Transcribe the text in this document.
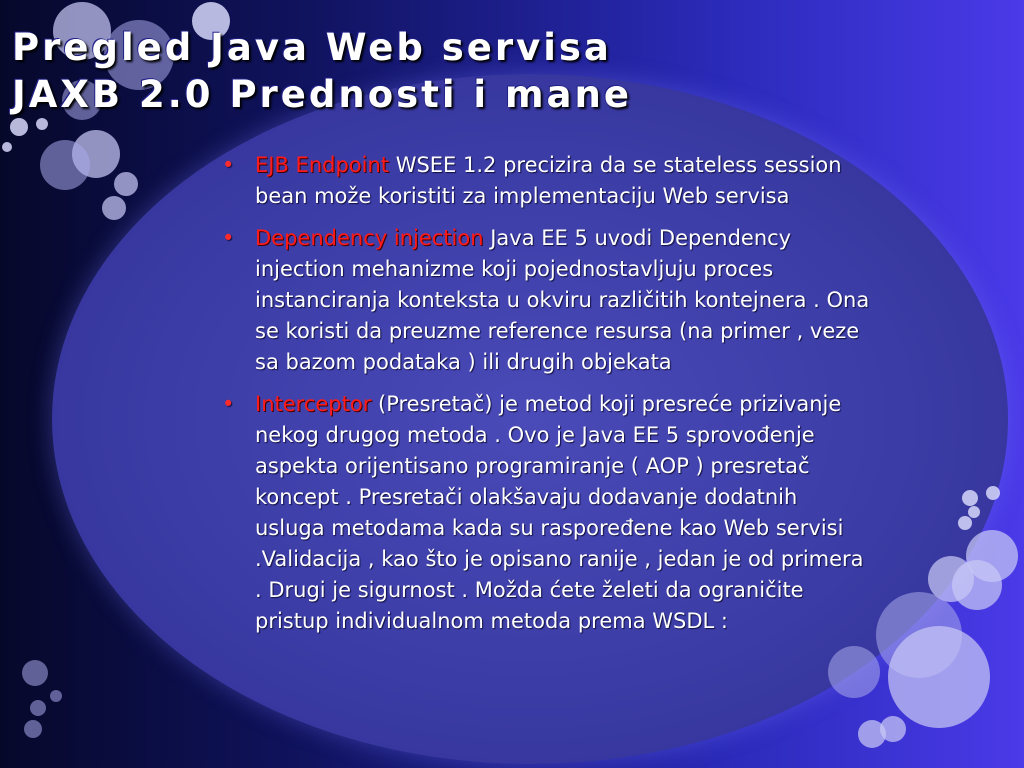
Pregled Java Web servisa
JAXB 2.0 Prednosti i mane
• EJB Endpoint WSEE 1.2 precizira da se stateless session bean može koristiti za implementaciju Web servisa
• Dependency injection Java EE 5 uvodi Dependency injection mehanizme koji pojednostavljuju proces instanciranja konteksta u okviru različitih kontejnera . Ona se koristi da preuzme reference resursa (na primer , veze sa bazom podataka ) ili drugih objekata
• Interceptor (Presretač) je metod koji presreće prizivanje nekog drugog metoda . Ovo je Java EE 5 sprovođenje aspekta orijentisano programiranje ( AOP ) presretač koncept . Presretači olakšavaju dodavanje dodatnih usluga metodama kada su raspoređene kao Web servisi .Validacija , kao što je opisano ranije , jedan je od primera . Drugi je sigurnost . Možda ćete želeti da ograničite pristup individualnom metoda prema WSDL :
